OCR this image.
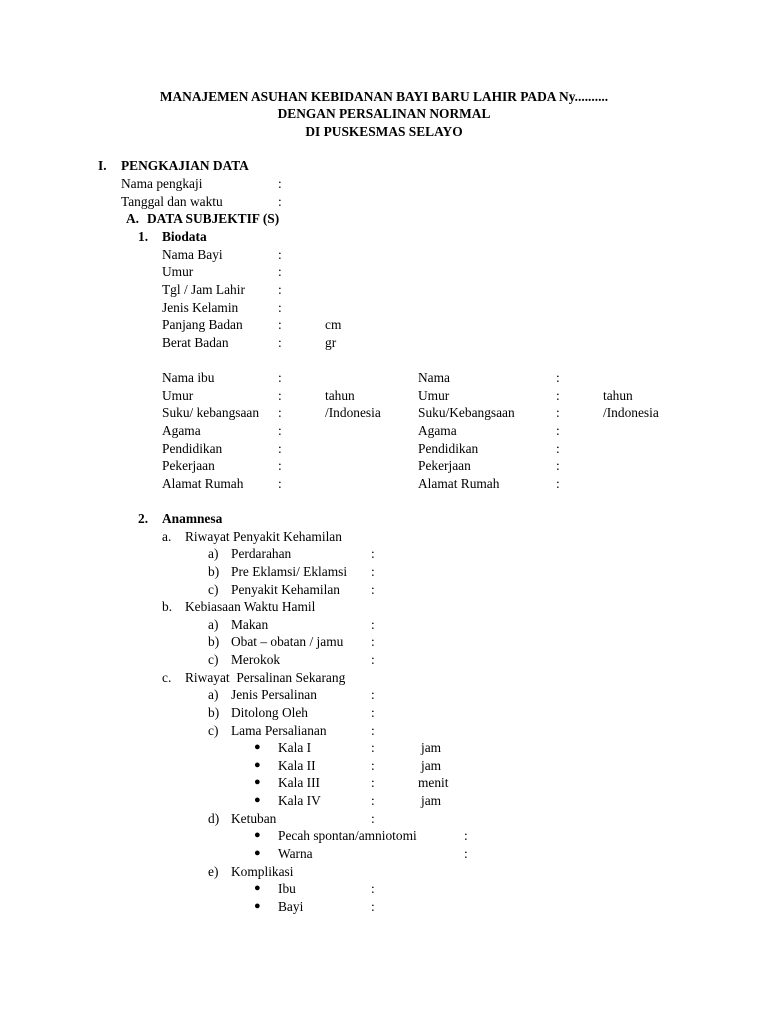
MANAJEMEN ASUHAN KEBIDANAN BAYI BARU LAHIR PADA Ny..........
DENGAN PERSALINAN NORMAL
DI PUSKESMAS SELAYO
I. PENGKAJIAN DATA
Nama pengkaji	:
Tanggal dan waktu	:
A. DATA SUBJEKTIF (S)
1. Biodata
Nama Bayi	:
Umur	:
Tgl / Jam Lahir :
Jenis Kelamin	:
Panjang Badan	:	cm
Berat Badan	:	gr
Nama ibu	:
Umur	:	tahun
Suku/ kebangsaan :	/Indonesia
Agama	:
Pendidikan	:
Pekerjaan	:
Alamat Rumah	:
Nama	:
Umur	:	tahun
Suku/Kebangsaan	:	/Indonesia
Agama	:
Pendidikan	:
Pekerjaan	:
Alamat Rumah	:
2. Anamnesa
a. Riwayat Penyakit Kehamilan
a) Perdarahan	:
b) Pre Eklamsi/ Eklamsi :
c) Penyakit Kehamilan :
b. Kebiasaan Waktu Hamil
a) Makan	:
b) Obat – obatan / jamu :
c) Merokok	:
c. Riwayat  Persalinan Sekarang
a) Jenis Persalinan	:
b) Ditolong Oleh	:
c) Lama Persalianan	:
● Kala I	:	jam
● Kala II	:	jam
● Kala III	:	menit
● Kala IV	:	jam
d) Ketuban	:
● Pecah spontan/amniotomi	:
● Warna	:
e) Komplikasi
● Ibu	:
● Bayi	:
